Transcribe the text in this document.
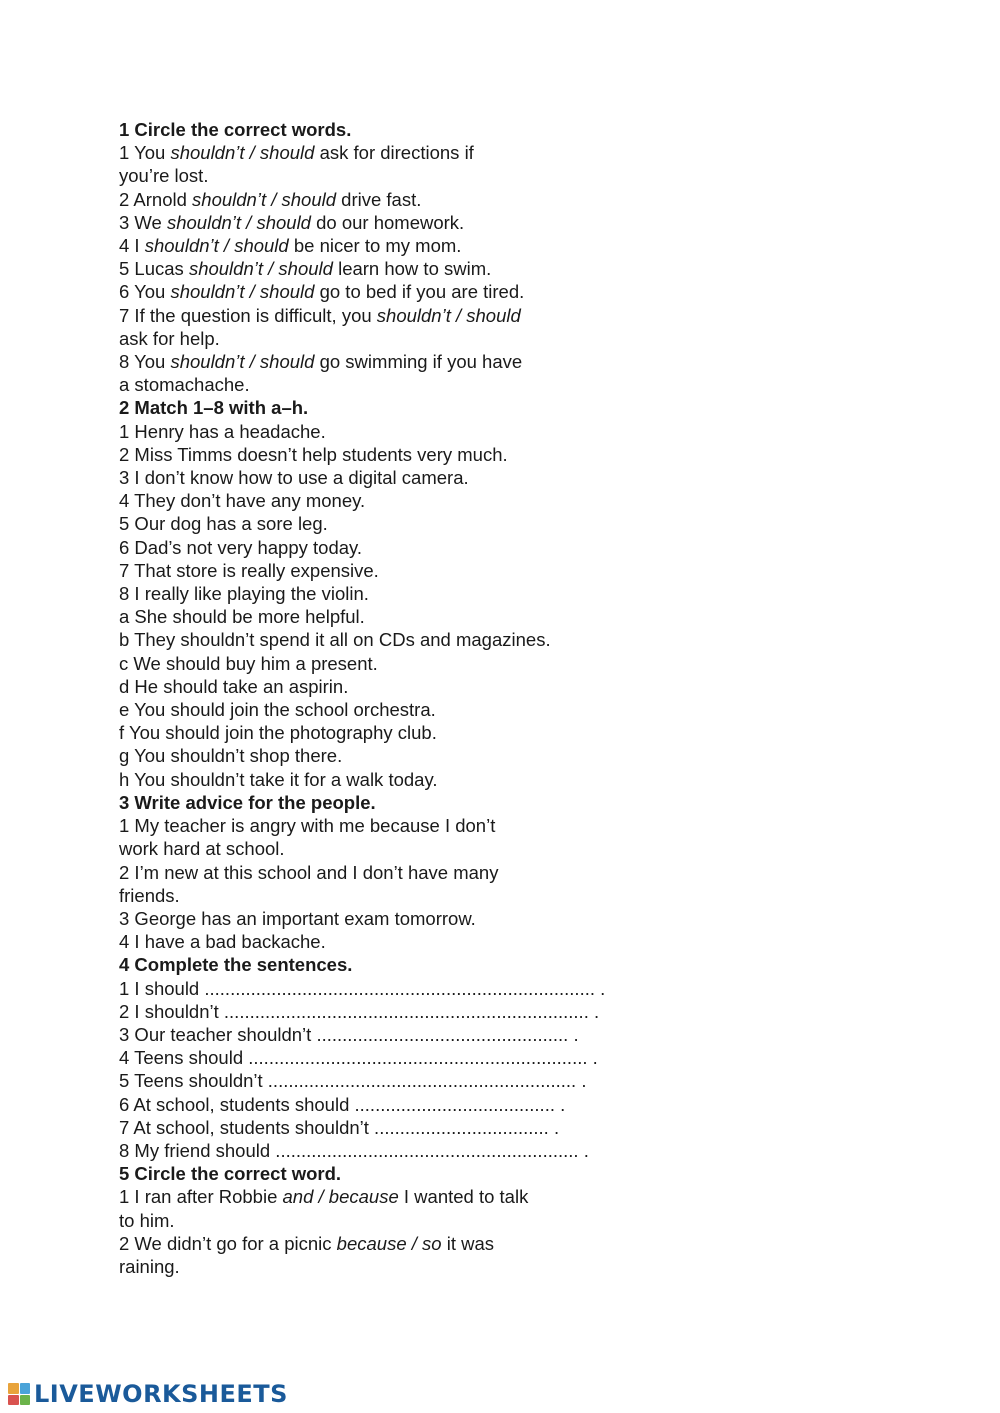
1 Circle the correct words.
1 You shouldn’t / should ask for directions if
you’re lost.
2 Arnold shouldn’t / should drive fast.
3 We shouldn’t / should do our homework.
4 I shouldn’t / should be nicer to my mom.
5 Lucas shouldn’t / should learn how to swim.
6 You shouldn’t / should go to bed if you are tired.
7 If the question is difficult, you shouldn’t / should
ask for help.
8 You shouldn’t / should go swimming if you have
a stomachache.
2 Match 1–8 with a–h.
1 Henry has a headache.
2 Miss Timms doesn’t help students very much.
3 I don’t know how to use a digital camera.
4 They don’t have any money.
5 Our dog has a sore leg.
6 Dad’s not very happy today.
7 That store is really expensive.
8 I really like playing the violin.
a She should be more helpful.
b They shouldn’t spend it all on CDs and magazines.
c We should buy him a present.
d He should take an aspirin.
e You should join the school orchestra.
f You should join the photography club.
g You shouldn’t shop there.
h You shouldn’t take it for a walk today.
3 Write advice for the people.
1 My teacher is angry with me because I don’t
work hard at school.
2 I’m new at this school and I don’t have many
friends.
3 George has an important exam tomorrow.
4 I have a bad backache.
4 Complete the sentences.
1 I should ............................................................................ .
2 I shouldn’t ....................................................................... .
3 Our teacher shouldn’t ................................................. .
4 Teens should .................................................................. .
5 Teens shouldn’t ............................................................ .
6 At school, students should ....................................... .
7 At school, students shouldn’t .................................. .
8 My friend should ........................................................... .
5 Circle the correct word.
1 I ran after Robbie and / because I wanted to talk
to him.
2 We didn’t go for a picnic because / so it was
raining.
LIVEWORKSHEETS
